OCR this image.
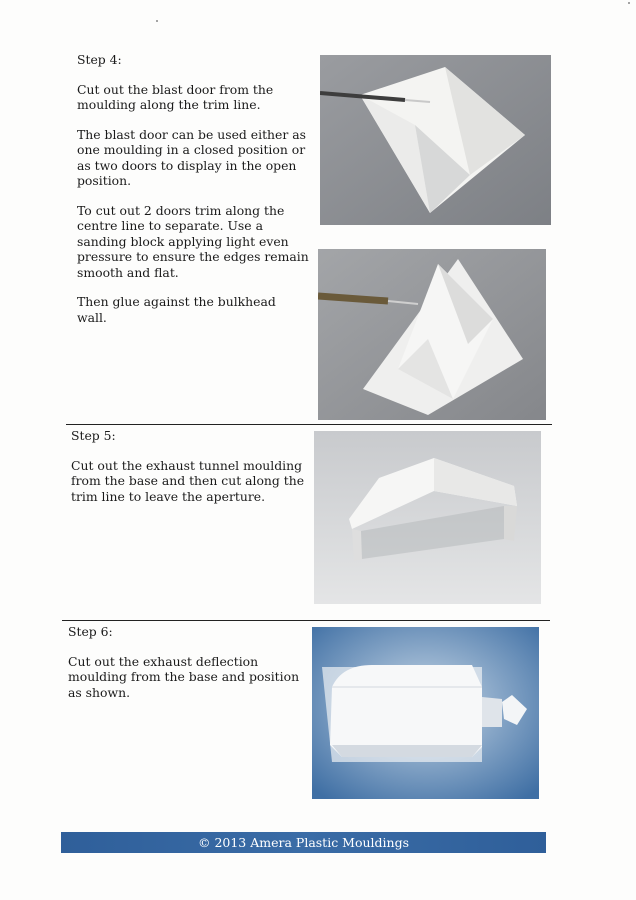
Step 4:

Cut out the blast door from the moulding along the trim line.

The blast door can be used either as one moulding in a closed position or as two doors to display in the open position.

To cut out 2 doors trim along the centre line to separate. Use a sanding block applying light even pressure to ensure the edges remain smooth and flat.

Then glue against the bulkhead wall.

Step 5:

Cut out the exhaust tunnel moulding from the base and then cut along the trim line to leave the aperture.

Step 6:

Cut out the exhaust deflection moulding from the base and position as shown.

© 2013 Amera Plastic Mouldings
